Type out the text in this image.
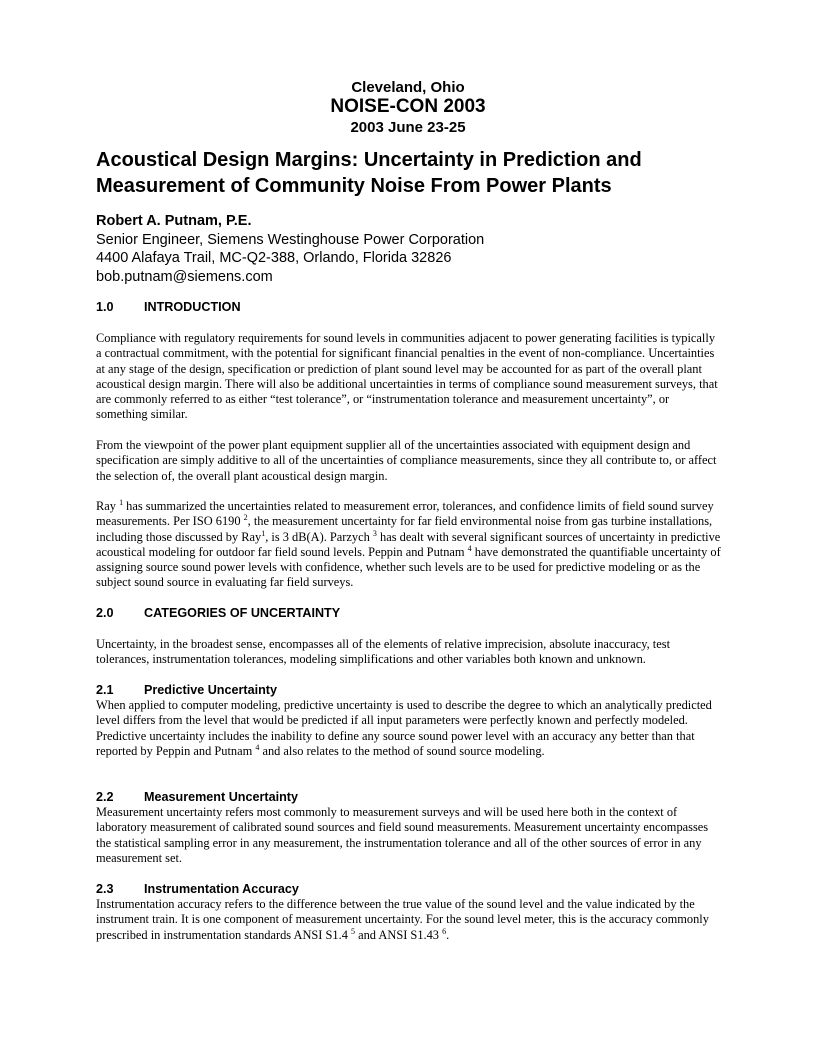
Cleveland, Ohio
NOISE-CON 2003
2003 June 23-25
Acoustical Design Margins: Uncertainty in Prediction and
Measurement of Community Noise From Power Plants
Robert A. Putnam, P.E.
Senior Engineer, Siemens Westinghouse Power Corporation
4400 Alafaya Trail, MC-Q2-388, Orlando, Florida 32826
bob.putnam@siemens.com
1.0 INTRODUCTION

Compliance with regulatory requirements for sound levels in communities adjacent to power generating facilities is typically a contractual commitment, with the potential for significant financial penalties in the event of non-compliance. Uncertainties at any stage of the design, specification or prediction of plant sound level may be accounted for as part of the overall plant acoustical design margin. There will also be additional uncertainties in terms of compliance sound measurement surveys, that are commonly referred to as either “test tolerance”, or “instrumentation tolerance and measurement uncertainty”, or something similar.

From the viewpoint of the power plant equipment supplier all of the uncertainties associated with equipment design and specification are simply additive to all of the uncertainties of compliance measurements, since they all contribute to, or affect the selection of, the overall plant acoustical design margin.

Ray $^1$ has summarized the uncertainties related to measurement error, tolerances, and confidence limits of field sound survey measurements. Per ISO 6190 $^2$, the measurement uncertainty for far field environmental noise from gas turbine installations, including those discussed by Ray$^1$, is 3 dB(A). Parzych $^3$ has dealt with several significant sources of uncertainty in predictive acoustical modeling for outdoor far field sound levels. Peppin and Putnam $^4$ have demonstrated the quantifiable uncertainty of assigning source sound power levels with confidence, whether such levels are to be used for predictive modeling or as the subject sound source in evaluating far field surveys.

2.0 CATEGORIES OF UNCERTAINTY

Uncertainty, in the broadest sense, encompasses all of the elements of relative imprecision, absolute inaccuracy, test tolerances, instrumentation tolerances, modeling simplifications and other variables both known and unknown.

2.1 Predictive Uncertainty

When applied to computer modeling, predictive uncertainty is used to describe the degree to which an analytically predicted level differs from the level that would be predicted if all input parameters were perfectly known and perfectly modeled. Predictive uncertainty includes the inability to define any source sound power level with an accuracy any better than that reported by Peppin and Putnam $^4$ and also relates to the method of sound source modeling.

2.2 Measurement Uncertainty

Measurement uncertainty refers most commonly to measurement surveys and will be used here both in the context of laboratory measurement of calibrated sound sources and field sound measurements. Measurement uncertainty encompasses the statistical sampling error in any measurement, the instrumentation tolerance and all of the other sources of error in any measurement set.

2.3 Instrumentation Accuracy

Instrumentation accuracy refers to the difference between the true value of the sound level and the value indicated by the instrument train. It is one component of measurement uncertainty. For the sound level meter, this is the accuracy commonly prescribed in instrumentation standards ANSI S1.4 $^5$ and ANSI S1.43 $^6$.
